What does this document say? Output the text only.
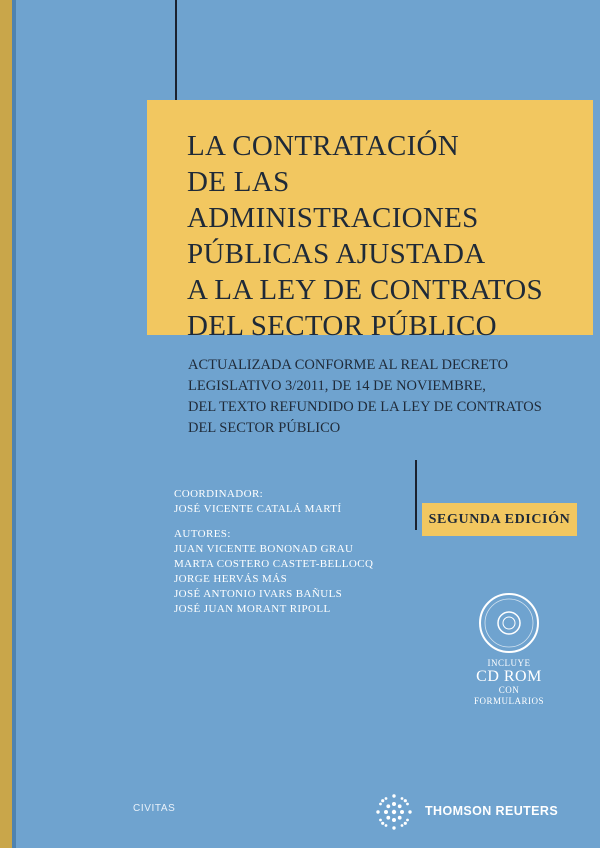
LA CONTRATACIÓN
DE LAS ADMINISTRACIONES
PÚBLICAS AJUSTADA
A LA LEY DE CONTRATOS
DEL SECTOR PÚBLICO

ACTUALIZADA CONFORME AL REAL DECRETO
LEGISLATIVO 3/2011, DE 14 DE NOVIEMBRE,
DEL TEXTO REFUNDIDO DE LA LEY DE CONTRATOS
DEL SECTOR PÚBLICO

COORDINADOR:
JOSÉ VICENTE CATALÁ MARTÍ
AUTORES:
JUAN VICENTE BONONAD GRAU
MARTA COSTERO CASTET-BELLOCQ
JORGE HERVÁS MÁS
JOSÉ ANTONIO IVARS BAÑULS
JOSÉ JUAN MORANT RIPOLL
SEGUNDA EDICIÓN
INCLUYE
CD ROM
CON
FORMULARIOS
CIVITAS	THOMSON REUTERS
